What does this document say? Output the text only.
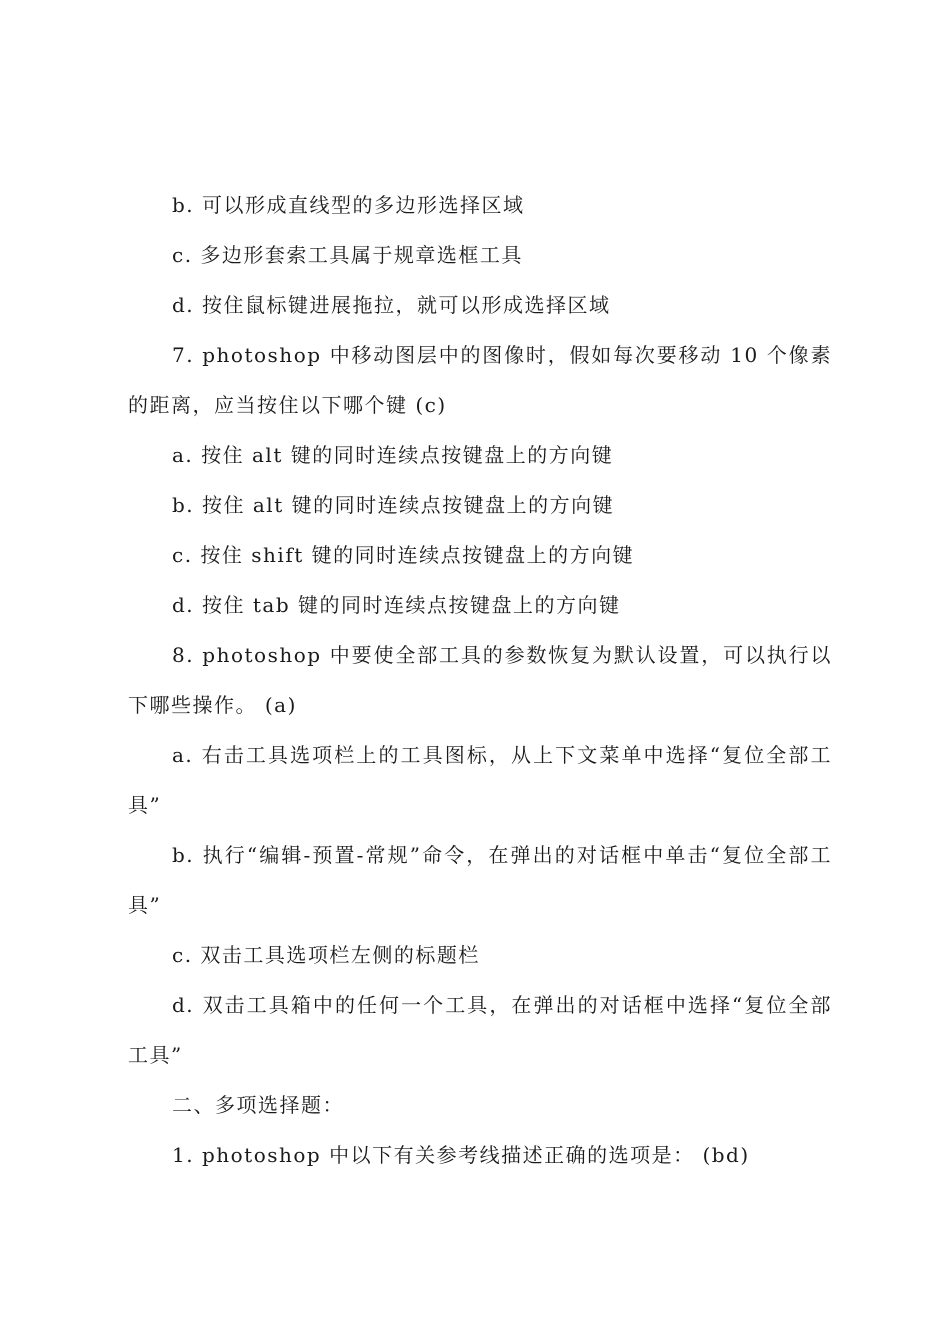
b. 可以形成直线型的多边形选择区域

c. 多边形套索工具属于规章选框工具

d. 按住鼠标键进展拖拉，就可以形成选择区域

7. photoshop 中移动图层中的图像时，假如每次要移动 10 个像素的距离，应当按住以下哪个键 (c)

a. 按住 alt 键的同时连续点按键盘上的方向键

b. 按住 alt 键的同时连续点按键盘上的方向键

c. 按住 shift 键的同时连续点按键盘上的方向键

d. 按住 tab 键的同时连续点按键盘上的方向键

8. photoshop 中要使全部工具的参数恢复为默认设置，可以执行以下哪些操作。 (a)

a. 右击工具选项栏上的工具图标，从上下文菜单中选择“复位全部工具”

b. 执行“编辑-预置-常规”命令，在弹出的对话框中单击“复位全部工具”

c. 双击工具选项栏左侧的标题栏

d. 双击工具箱中的任何一个工具，在弹出的对话框中选择“复位全部工具”

二、多项选择题：

1. photoshop 中以下有关参考线描述正确的选项是： (bd)
